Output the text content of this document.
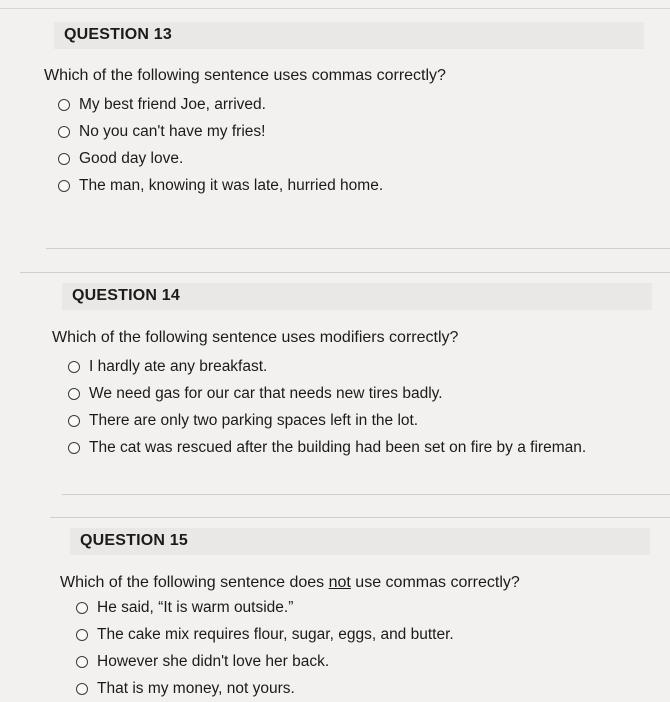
QUESTION 13
Which of the following sentence uses commas correctly?
My best friend Joe, arrived.
No you can't have my fries!
Good day love.
The man, knowing it was late, hurried home.
QUESTION 14
Which of the following sentence uses modifiers correctly?
I hardly ate any breakfast.
We need gas for our car that needs new tires badly.
There are only two parking spaces left in the lot.
The cat was rescued after the building had been set on fire by a fireman.
QUESTION 15
Which of the following sentence does not use commas correctly?
He said, “It is warm outside.”
The cake mix requires flour, sugar, eggs, and butter.
However she didn't love her back.
That is my money, not yours.
